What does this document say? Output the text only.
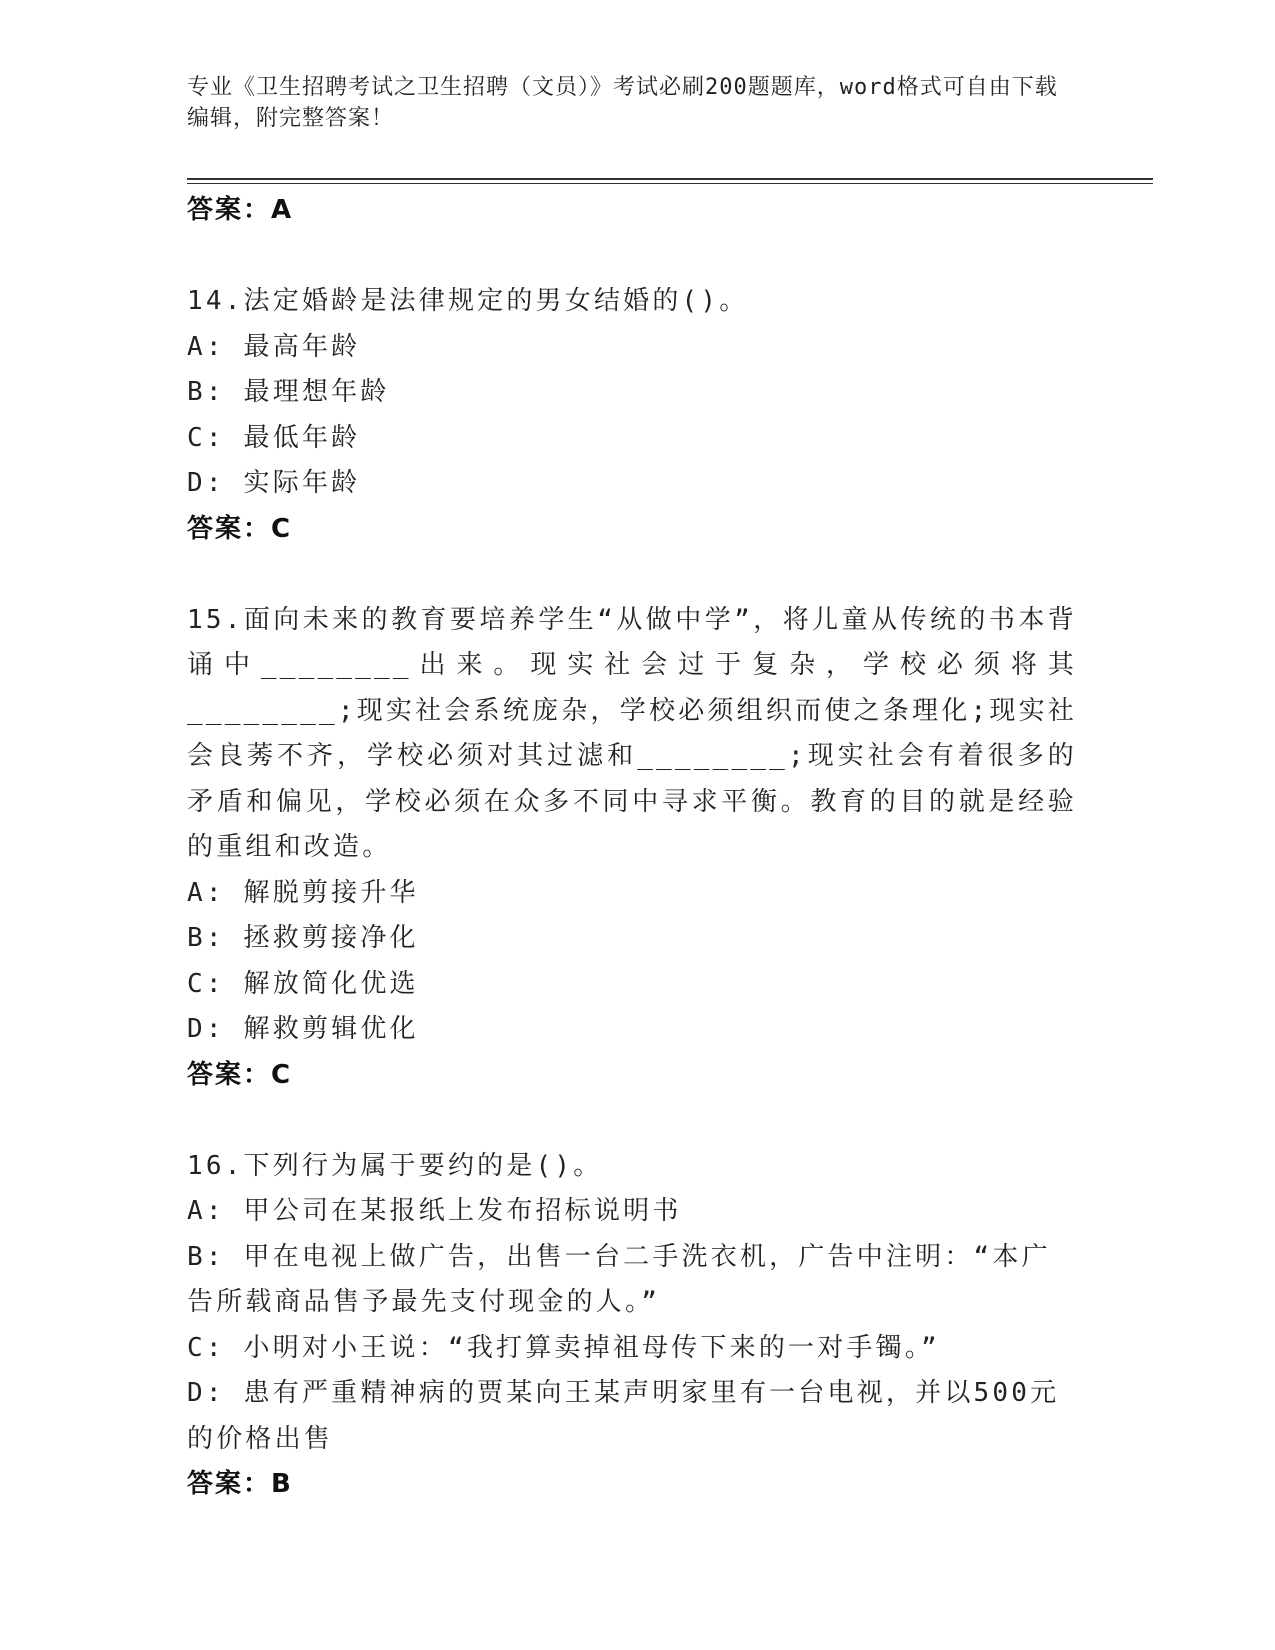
专业《卫生招聘考试之卫生招聘（文员）》考试必刷200题题库，word格式可自由下载编辑，附完整答案！
答案：A
14.法定婚龄是法律规定的男女结婚的()。
A: 最高年龄
B: 最理想年龄
C: 最低年龄
D: 实际年龄
答案：C
15.面向未来的教育要培养学生“从做中学”，将儿童从传统的书本背诵中________出来。现实社会过于复杂，学校必须将其________;现实社会系统庞杂，学校必须组织而使之条理化;现实社会良莠不齐，学校必须对其过滤和________;现实社会有着很多的矛盾和偏见，学校必须在众多不同中寻求平衡。教育的目的就是经验的重组和改造。
A: 解脱剪接升华
B: 拯救剪接净化
C: 解放简化优选
D: 解救剪辑优化
答案：C
16.下列行为属于要约的是()。
A: 甲公司在某报纸上发布招标说明书
B: 甲在电视上做广告，出售一台二手洗衣机，广告中注明：“本广告所载商品售予最先支付现金的人。”
C: 小明对小王说：“我打算卖掉祖母传下来的一对手镯。”
D: 患有严重精神病的贾某向王某声明家里有一台电视，并以500元的价格出售
答案：B
